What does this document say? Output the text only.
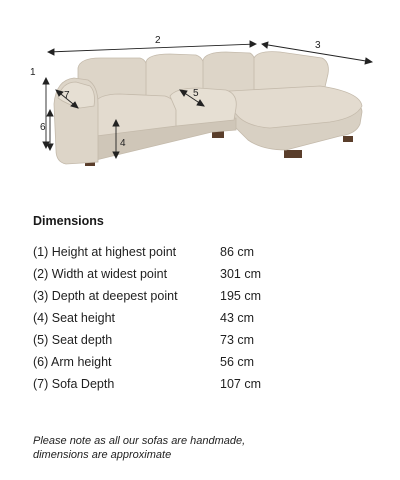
1
2	3
4
5
6
7
Dimensions
(1) Height at highest point	86 cm
(2) Width at widest point	301 cm
(3) Depth at deepest point	195 cm
(4) Seat height	43 cm
(5) Seat depth	73 cm
(6) Arm height	56 cm
(7) Sofa Depth	107 cm
Please note as all our sofas are handmade,
dimensions are approximate
